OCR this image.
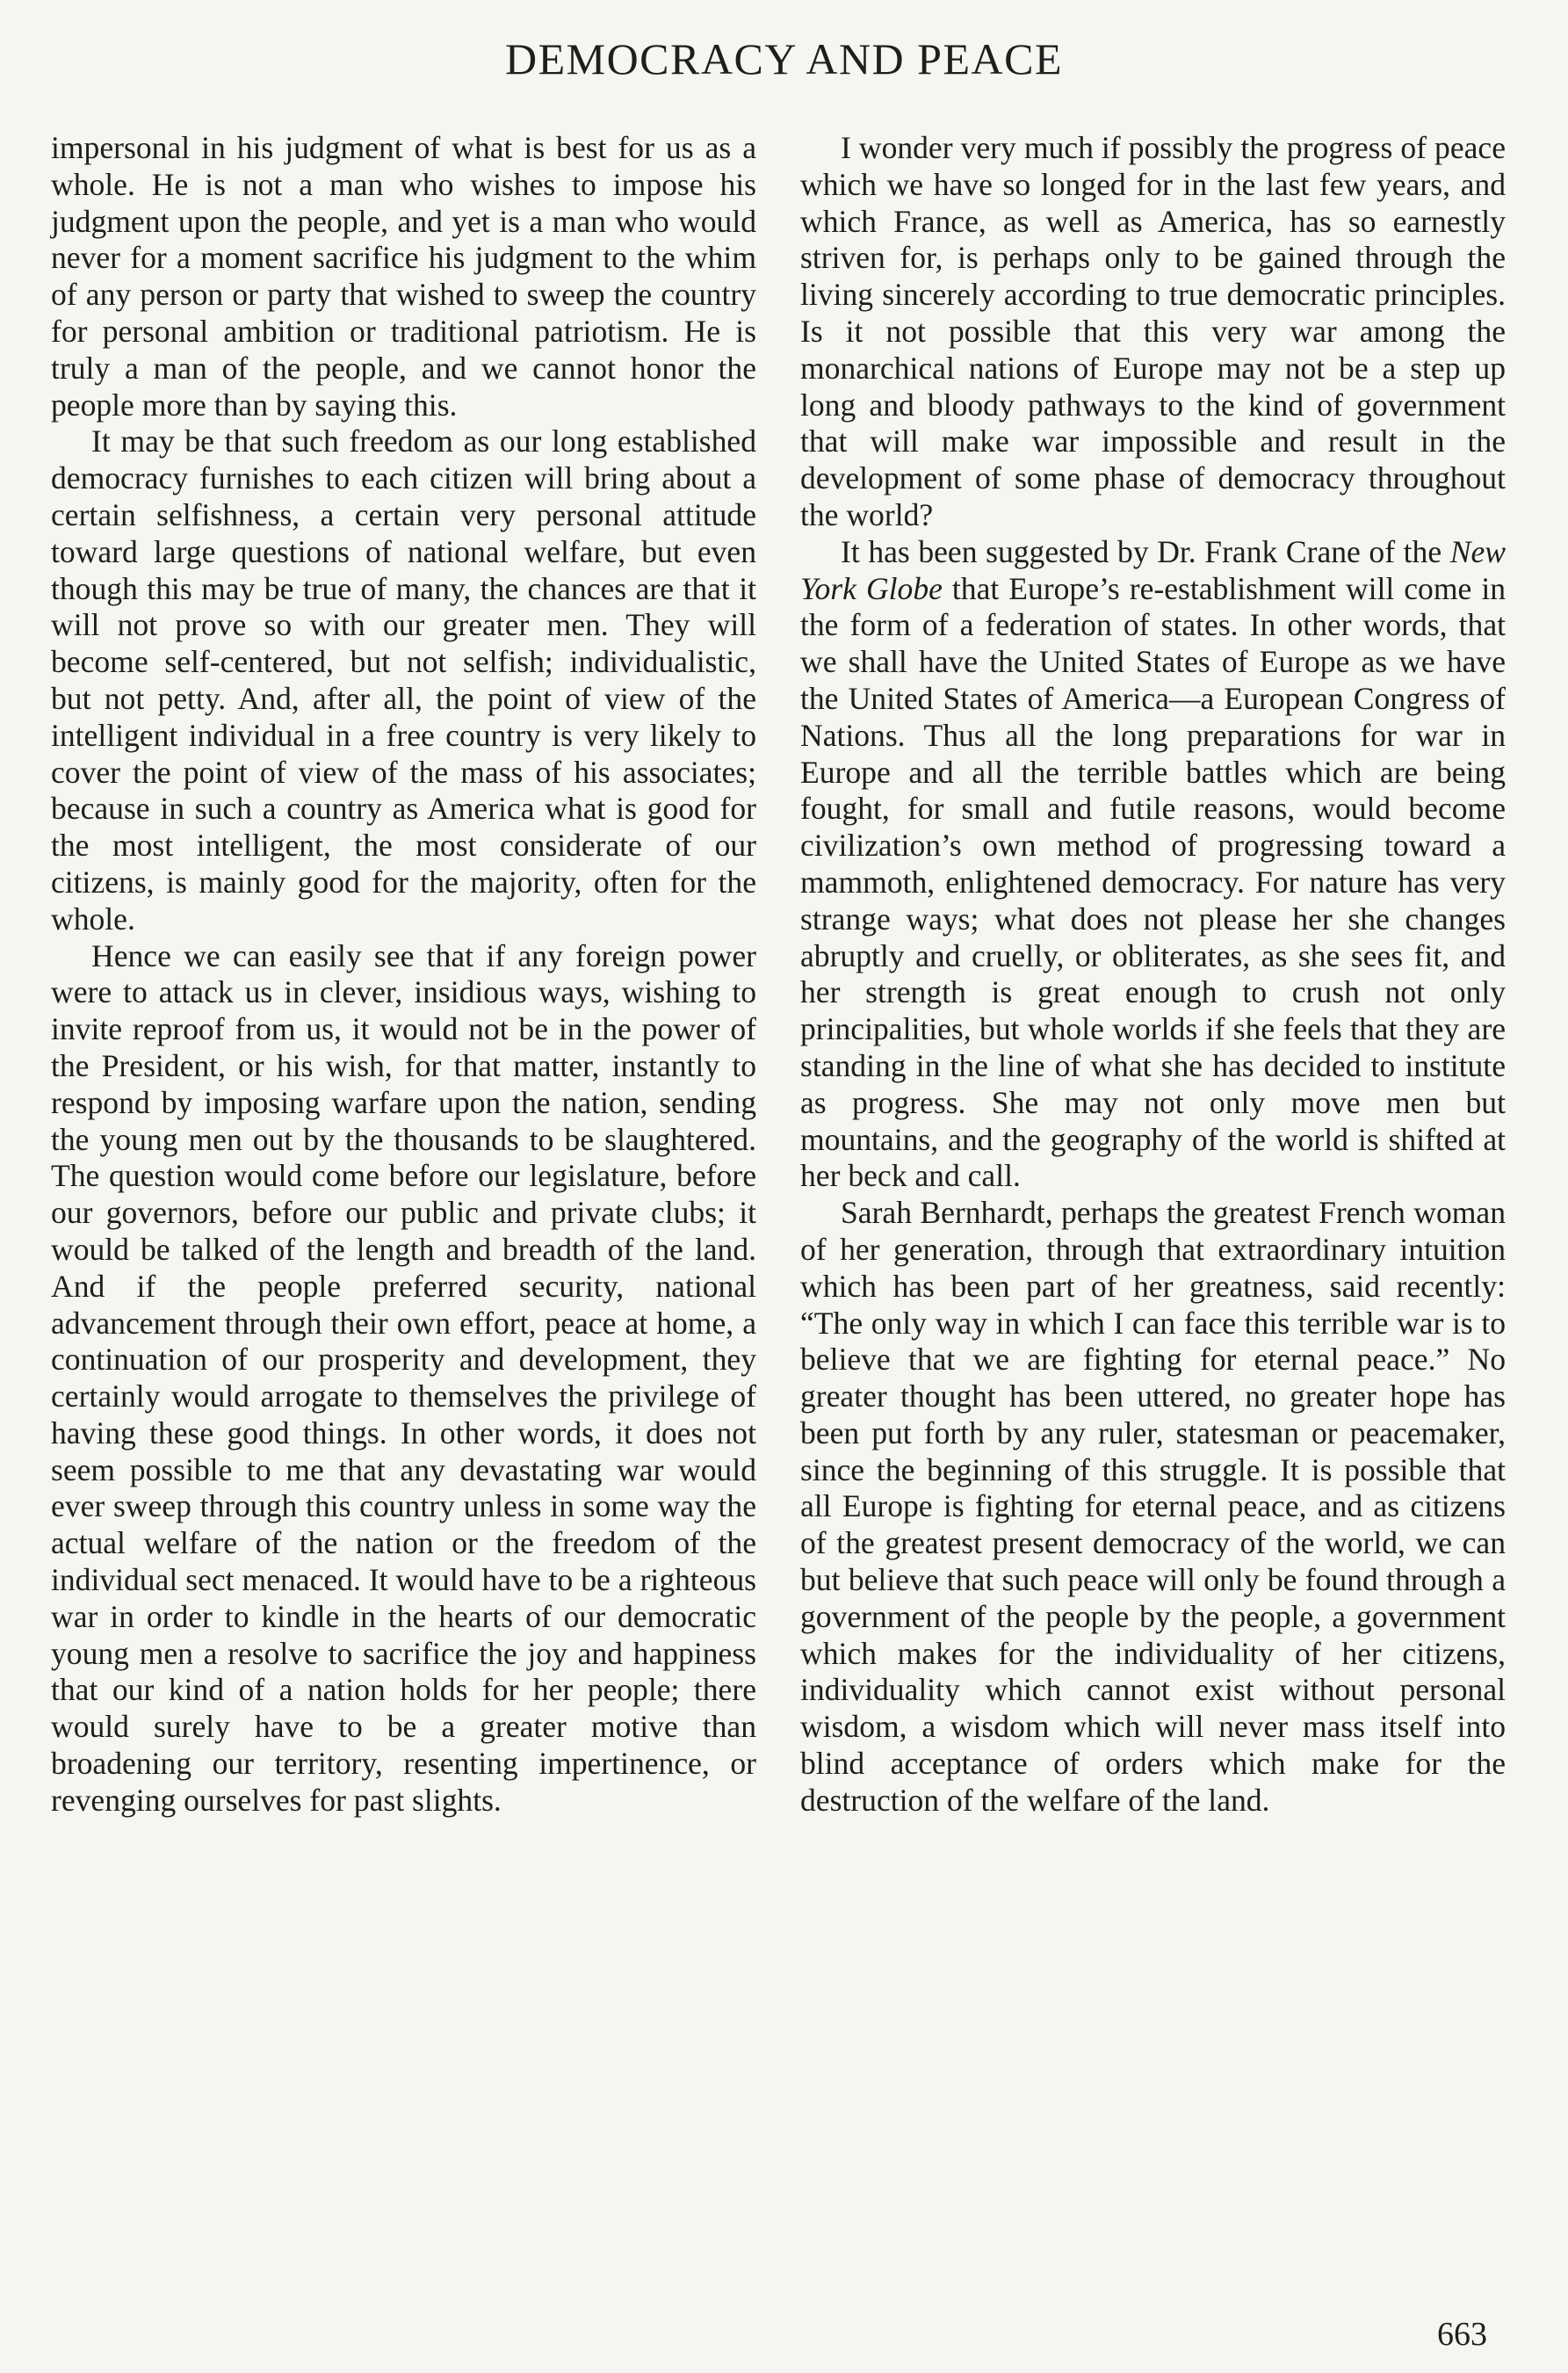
DEMOCRACY AND PEACE

impersonal in his judgment of what is best for us as a whole. He is not a man who wishes to impose his judgment upon the people, and yet is a man who would never for a moment sacrifice his judgment to the whim of any person or party that wished to sweep the country for personal ambition or traditional patriotism. He is truly a man of the people, and we cannot honor the people more than by saying this.

It may be that such freedom as our long established democracy furnishes to each citizen will bring about a certain selfishness, a certain very personal attitude toward large questions of national welfare, but even though this may be true of many, the chances are that it will not prove so with our greater men. They will become self-centered, but not selfish; individualistic, but not petty. And, after all, the point of view of the intelligent individual in a free country is very likely to cover the point of view of the mass of his associates; because in such a country as America what is good for the most intelligent, the most considerate of our citizens, is mainly good for the majority, often for the whole.

Hence we can easily see that if any foreign power were to attack us in clever, insidious ways, wishing to invite reproof from us, it would not be in the power of the President, or his wish, for that matter, instantly to respond by imposing warfare upon the nation, sending the young men out by the thousands to be slaughtered. The question would come before our legislature, before our governors, before our public and private clubs; it would be talked of the length and breadth of the land. And if the people preferred security, national advancement through their own effort, peace at home, a continuation of our prosperity and development, they certainly would arrogate to themselves the privilege of having these good things. In other words, it does not seem possible to me that any devastating war would ever sweep through this country unless in some way the actual welfare of the nation or the freedom of the individual sect menaced. It would have to be a righteous war in order to kindle in the hearts of our democratic young men a resolve to sacrifice the joy and happiness that our kind of a nation holds for her people; there would surely have to be a greater motive than broadening our territory, resenting impertinence, or revenging ourselves for past slights.

I wonder very much if possibly the progress of peace which we have so longed for in the last few years, and which France, as well as America, has so earnestly striven for, is perhaps only to be gained through the living sincerely according to true democratic principles. Is it not possible that this very war among the monarchical nations of Europe may not be a step up long and bloody pathways to the kind of government that will make war impossible and result in the development of some phase of democracy throughout the world?

It has been suggested by Dr. Frank Crane of the New York Globe that Europe’s re-establishment will come in the form of a federation of states. In other words, that we shall have the United States of Europe as we have the United States of America—a European Congress of Nations. Thus all the long preparations for war in Europe and all the terrible battles which are being fought, for small and futile reasons, would become civilization’s own method of progressing toward a mammoth, enlightened democracy. For nature has very strange ways; what does not please her she changes abruptly and cruelly, or obliterates, as she sees fit, and her strength is great enough to crush not only principalities, but whole worlds if she feels that they are standing in the line of what she has decided to institute as progress. She may not only move men but mountains, and the geography of the world is shifted at her beck and call.

Sarah Bernhardt, perhaps the greatest French woman of her generation, through that extraordinary intuition which has been part of her greatness, said recently: “The only way in which I can face this terrible war is to believe that we are fighting for eternal peace.” No greater thought has been uttered, no greater hope has been put forth by any ruler, statesman or peacemaker, since the beginning of this struggle. It is possible that all Europe is fighting for eternal peace, and as citizens of the greatest present democracy of the world, we can but believe that such peace will only be found through a government of the people by the people, a government which makes for the individuality of her citizens, individuality which cannot exist without personal wisdom, a wisdom which will never mass itself into blind acceptance of orders which make for the destruction of the welfare of the land.

663
